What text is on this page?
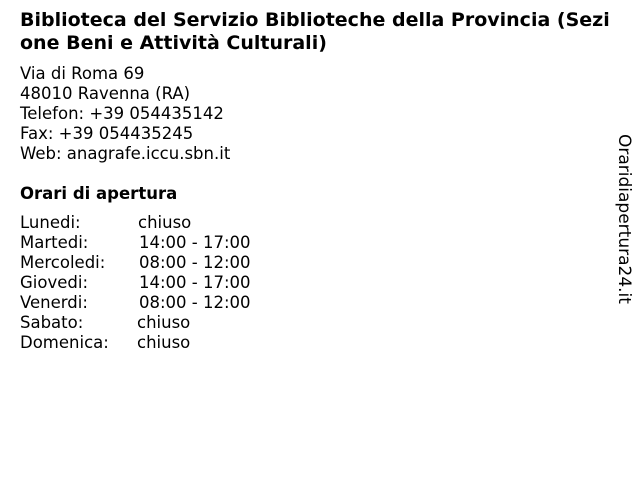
Biblioteca del Servizio Biblioteche della Provincia (Sezione Beni e Attività Culturali)
Via di Roma 69
48010 Ravenna (RA)
Telefon: +39 054435142
Fax: +39 054435245
Web: anagrafe.iccu.sbn.it
Orari di apertura
Lunedi:	chiuso
Martedi:	14:00 - 17:00
Mercoledi: 08:00 - 12:00
Giovedi:	14:00 - 17:00
Venerdi:	08:00 - 12:00
Sabato:	chiuso
Domenica: chiuso
Oraridiapertura24.it
